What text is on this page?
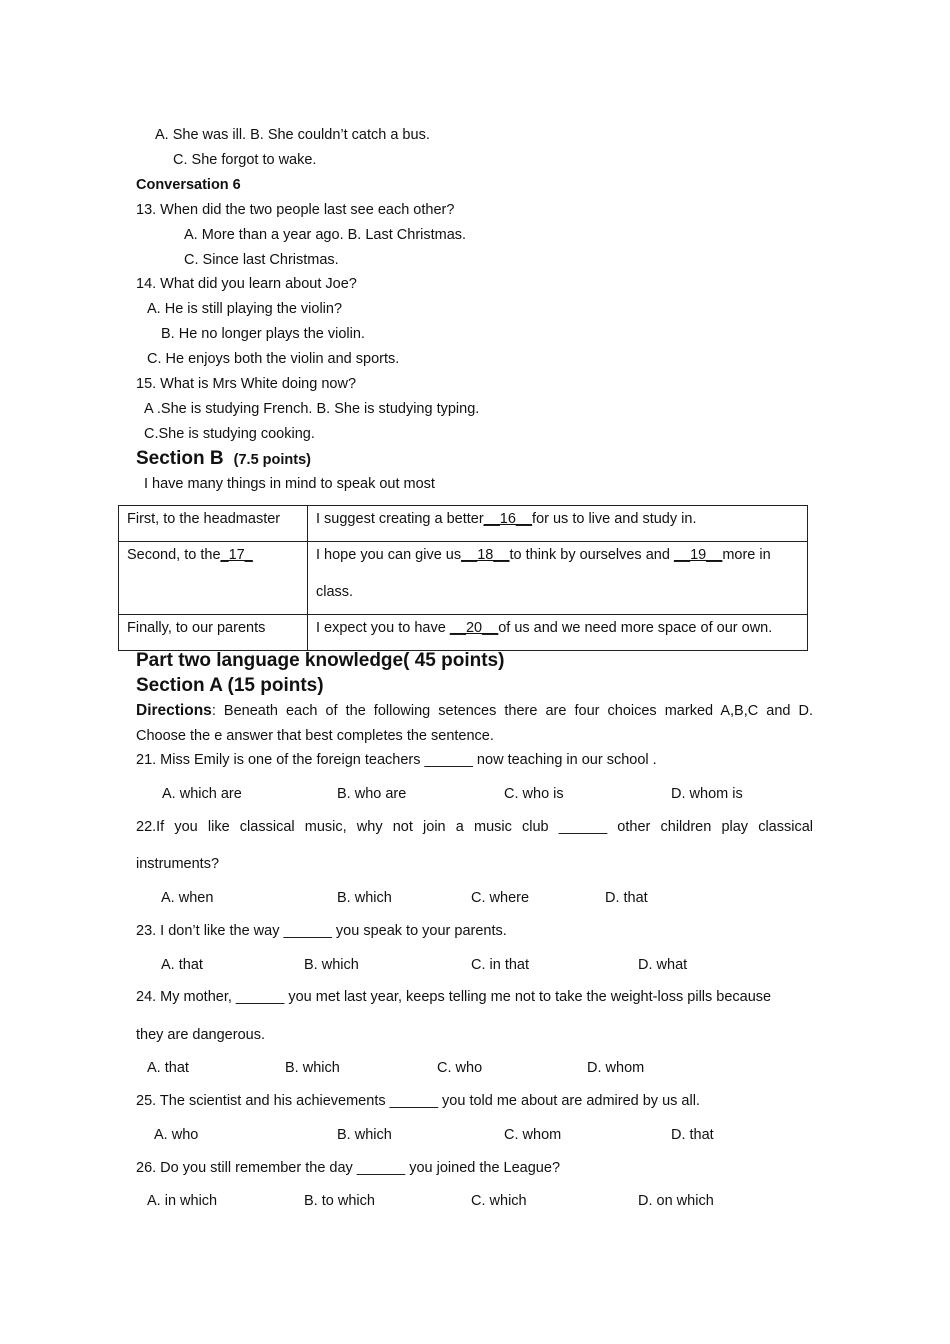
A. She was ill. B. She couldn’t catch a bus.
C. She forgot to wake.
Conversation 6
13. When did the two people last see each other?
A. More than a year ago. B. Last Christmas.
C. Since last Christmas.
14. What did you learn about Joe?
A. He is still playing the violin?
B. He no longer plays the violin.
C. He enjoys both the violin and sports.
15. What is Mrs White doing now?
A .She is studying French. B. She is studying typing.
C.She is studying cooking.
Section B (7.5 points)
I have many things in mind to speak out most
First, to the headmaster	I suggest creating a better__16__for us to live and study in.
Second, to the_17_	I hope you can give us__18__to think by ourselves and __19__more in
class.

Finally, to our parents	I expect you to have __20__of us and we need more space of our own.
Part two language knowledge( 45 points)
Section A (15 points)
Directions: Beneath each of the following setences there are four choices marked A,B,C and D.
Choose the e answer that best completes the sentence.
21. Miss Emily is one of the foreign teachers ______ now teaching in our school .
A. which are	B. who are	C. who is	D. whom is
22.If you like classical music, why not join a music club ______ other children play classical
instruments?
A. when	B. which	C. where	D. that
23. I don’t like the way ______ you speak to your parents.
A. that	B. which	C. in that	D. what
24. My mother, ______ you met last year, keeps telling me not to take the weight-loss pills because
they are dangerous.
A. that	B. which	C. who	D. whom
25. The scientist and his achievements ______ you told me about are admired by us all.
A. who	B. which	C. whom	D. that
26. Do you still remember the day ______ you joined the League?
A. in which	B. to which	C. which	D. on which
